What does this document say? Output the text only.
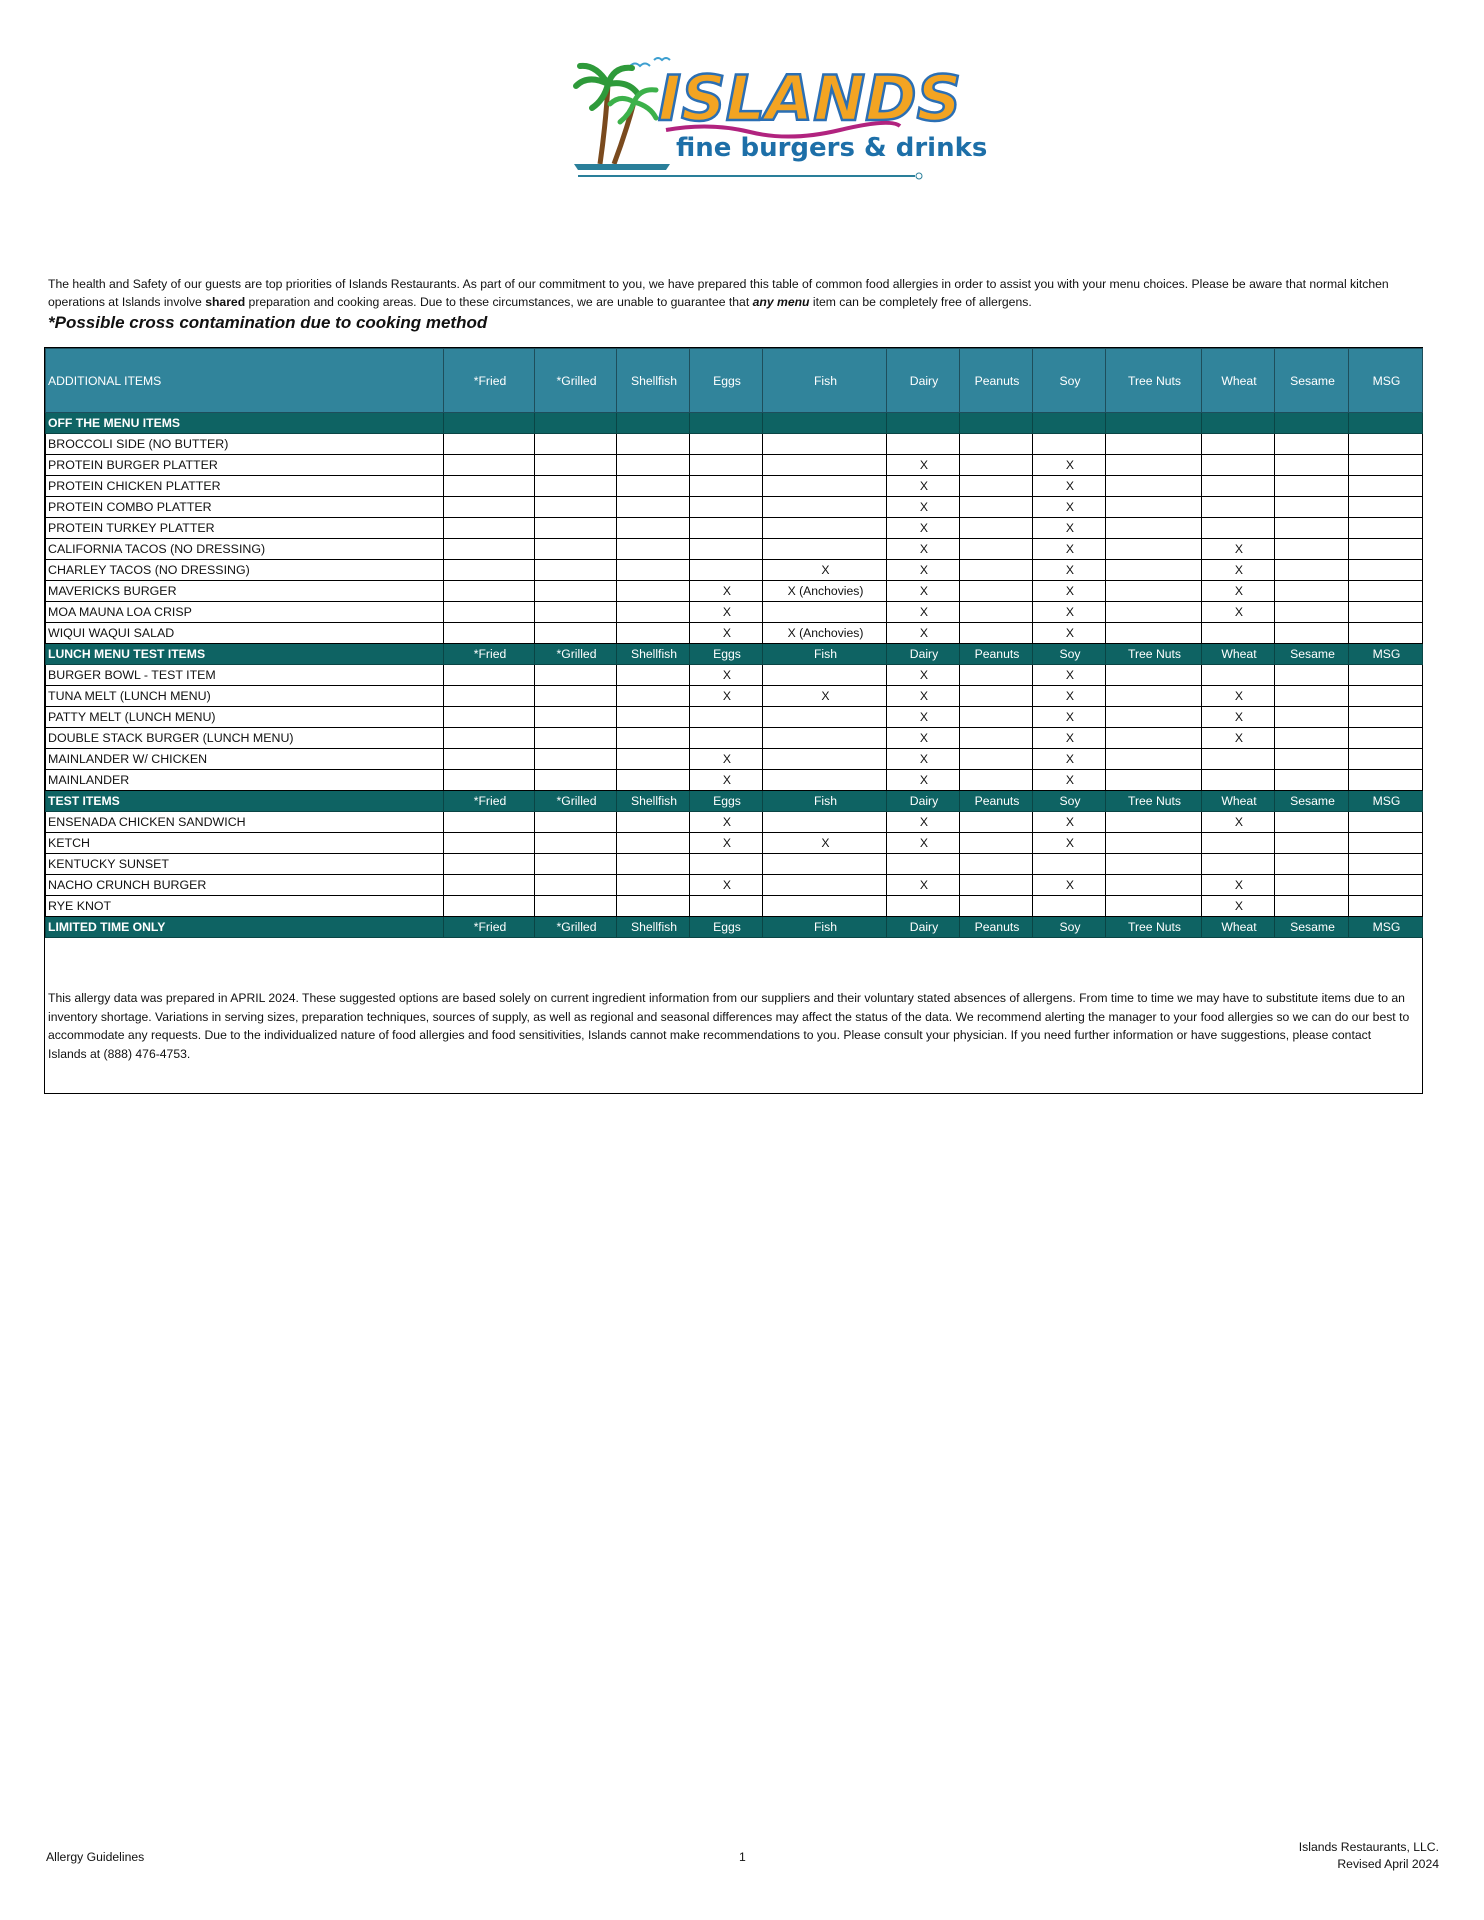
ISLANDS
fine burgers & drinks
The health and Safety of our guests are top priorities of Islands Restaurants. As part of our commitment to you, we have prepared this table of common food allergies in order to assist you with your menu choices. Please be aware that normal kitchen operations at Islands involve shared preparation and cooking areas. Due to these circumstances, we are unable to guarantee that any menu item can be completely free of allergens.
*Possible cross contamination due to cooking method
ADDITIONAL ITEMS	*Fried	*Grilled	Shellfish	Eggs	Fish	Dairy	Peanuts	Soy	Tree Nuts	Wheat	Sesame	MSG
OFF THE MENU ITEMS												
BROCCOLI SIDE (NO BUTTER)												
PROTEIN BURGER PLATTER						X		X				
PROTEIN CHICKEN PLATTER						X		X				
PROTEIN COMBO PLATTER						X		X				
PROTEIN TURKEY PLATTER						X		X				
CALIFORNIA TACOS (NO DRESSING)						X		X		X		
CHARLEY TACOS (NO DRESSING)					X	X		X		X		
MAVERICKS BURGER				X	X (Anchovies)	X		X		X		
MOA MAUNA LOA CRISP				X		X		X		X		
WIQUI WAQUI SALAD				X	X (Anchovies)	X		X				
LUNCH MENU TEST ITEMS	*Fried	*Grilled	Shellfish	Eggs	Fish	Dairy	Peanuts	Soy	Tree Nuts	Wheat	Sesame	MSG
BURGER BOWL - TEST ITEM				X		X		X				
TUNA MELT (LUNCH MENU)				X	X	X		X		X		
PATTY MELT (LUNCH MENU)						X		X		X		
DOUBLE STACK BURGER (LUNCH MENU)						X		X		X		
MAINLANDER W/ CHICKEN				X		X		X				
MAINLANDER				X		X		X				
TEST ITEMS	*Fried	*Grilled	Shellfish	Eggs	Fish	Dairy	Peanuts	Soy	Tree Nuts	Wheat	Sesame	MSG
ENSENADA CHICKEN SANDWICH				X		X		X		X		
KETCH				X	X	X		X				
KENTUCKY SUNSET												
NACHO CRUNCH BURGER				X		X		X		X		
RYE KNOT										X		
LIMITED TIME ONLY	*Fried	*Grilled	Shellfish	Eggs	Fish	Dairy	Peanuts	Soy	Tree Nuts	Wheat	Sesame	MSG
This allergy data was prepared in APRIL 2024. These suggested options are based solely on current ingredient information from our suppliers and their voluntary stated absences of allergens. From time to time we may have to substitute items due to an inventory shortage. Variations in serving sizes, preparation techniques, sources of supply, as well as regional and seasonal differences may affect the status of the data. We recommend alerting the manager to your food allergies so we can do our best to accommodate any requests. Due to the individualized nature of food allergies and food sensitivities, Islands cannot make recommendations to you. Please consult your physician. If you need further information or have suggestions, please contact Islands at (888) 476-4753.
Allergy Guidelines	1
Islands Restaurants, LLC.
Revised April 2024
